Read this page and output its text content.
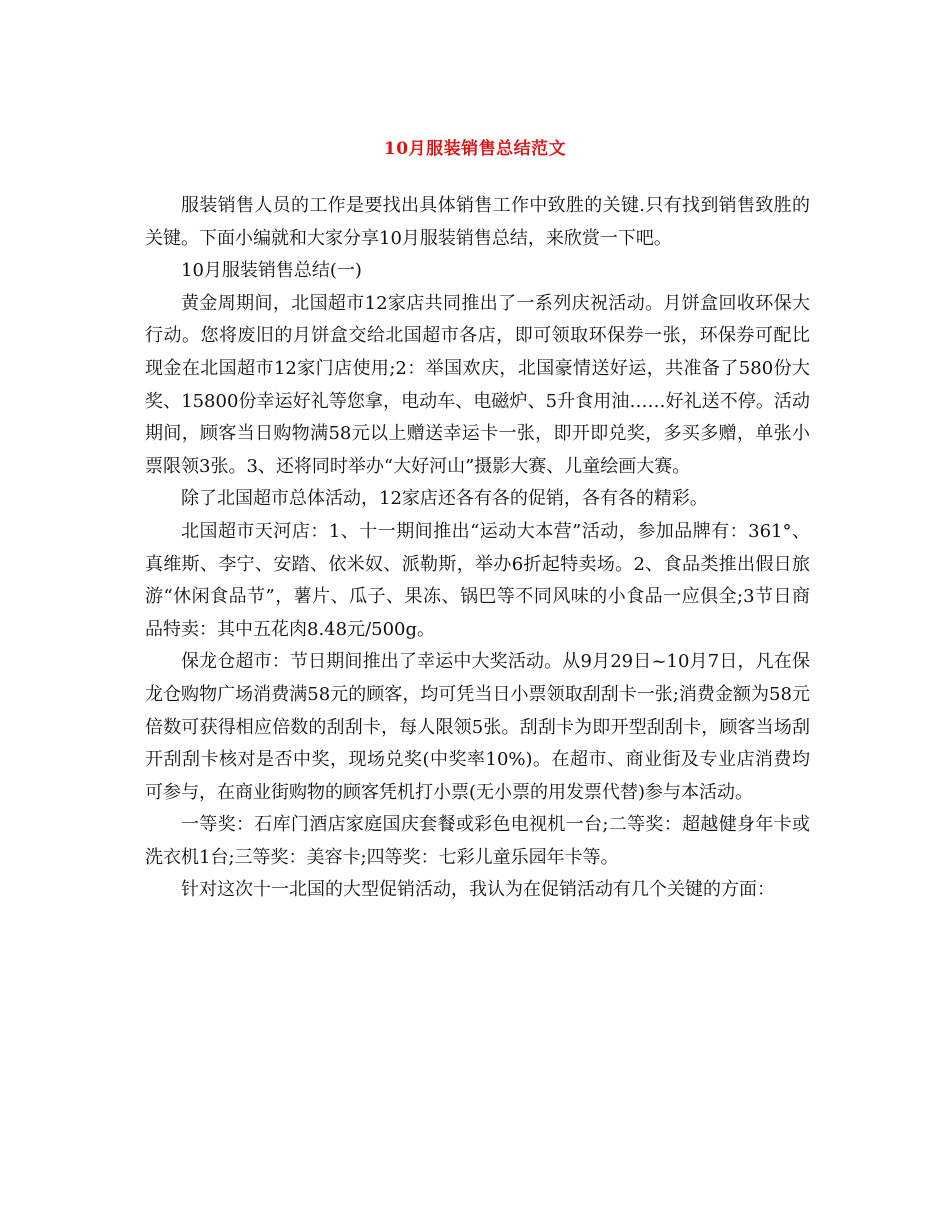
10月服装销售总结范文

服装销售人员的工作是要找出具体销售工作中致胜的关键.只有找到销售致胜的关键。下面小编就和大家分享10月服装销售总结，来欣赏一下吧。

10月服装销售总结(一)

黄金周期间，北国超市12家店共同推出了一系列庆祝活动。月饼盒回收环保大行动。您将废旧的月饼盒交给北国超市各店，即可领取环保券一张，环保券可配比现金在北国超市12家门店使用;2：举国欢庆，北国豪情送好运，共准备了580份大奖、15800份幸运好礼等您拿，电动车、电磁炉、5升食用油……好礼送不停。活动期间，顾客当日购物满58元以上赠送幸运卡一张，即开即兑奖，多买多赠，单张小票限领3张。3、还将同时举办“大好河山”摄影大赛、儿童绘画大赛。

除了北国超市总体活动，12家店还各有各的促销，各有各的精彩。

北国超市天河店：1、十一期间推出“运动大本营”活动，参加品牌有：361°、真维斯、李宁、安踏、依米奴、派勒斯，举办6折起特卖场。2、食品类推出假日旅游“休闲食品节”，薯片、瓜子、果冻、锅巴等不同风味的小食品一应俱全;3节日商品特卖：其中五花肉8.48元/500g。

保龙仓超市：节日期间推出了幸运中大奖活动。从9月29日~10月7日，凡在保龙仓购物广场消费满58元的顾客，均可凭当日小票领取刮刮卡一张;消费金额为58元倍数可获得相应倍数的刮刮卡，每人限领5张。刮刮卡为即开型刮刮卡，顾客当场刮开刮刮卡核对是否中奖，现场兑奖(中奖率10%)。在超市、商业街及专业店消费均可参与，在商业街购物的顾客凭机打小票(无小票的用发票代替)参与本活动。

一等奖：石库门酒店家庭国庆套餐或彩色电视机一台;二等奖：超越健身年卡或洗衣机1台;三等奖：美容卡;四等奖：七彩儿童乐园年卡等。

针对这次十一北国的大型促销活动，我认为在促销活动有几个关键的方面：
